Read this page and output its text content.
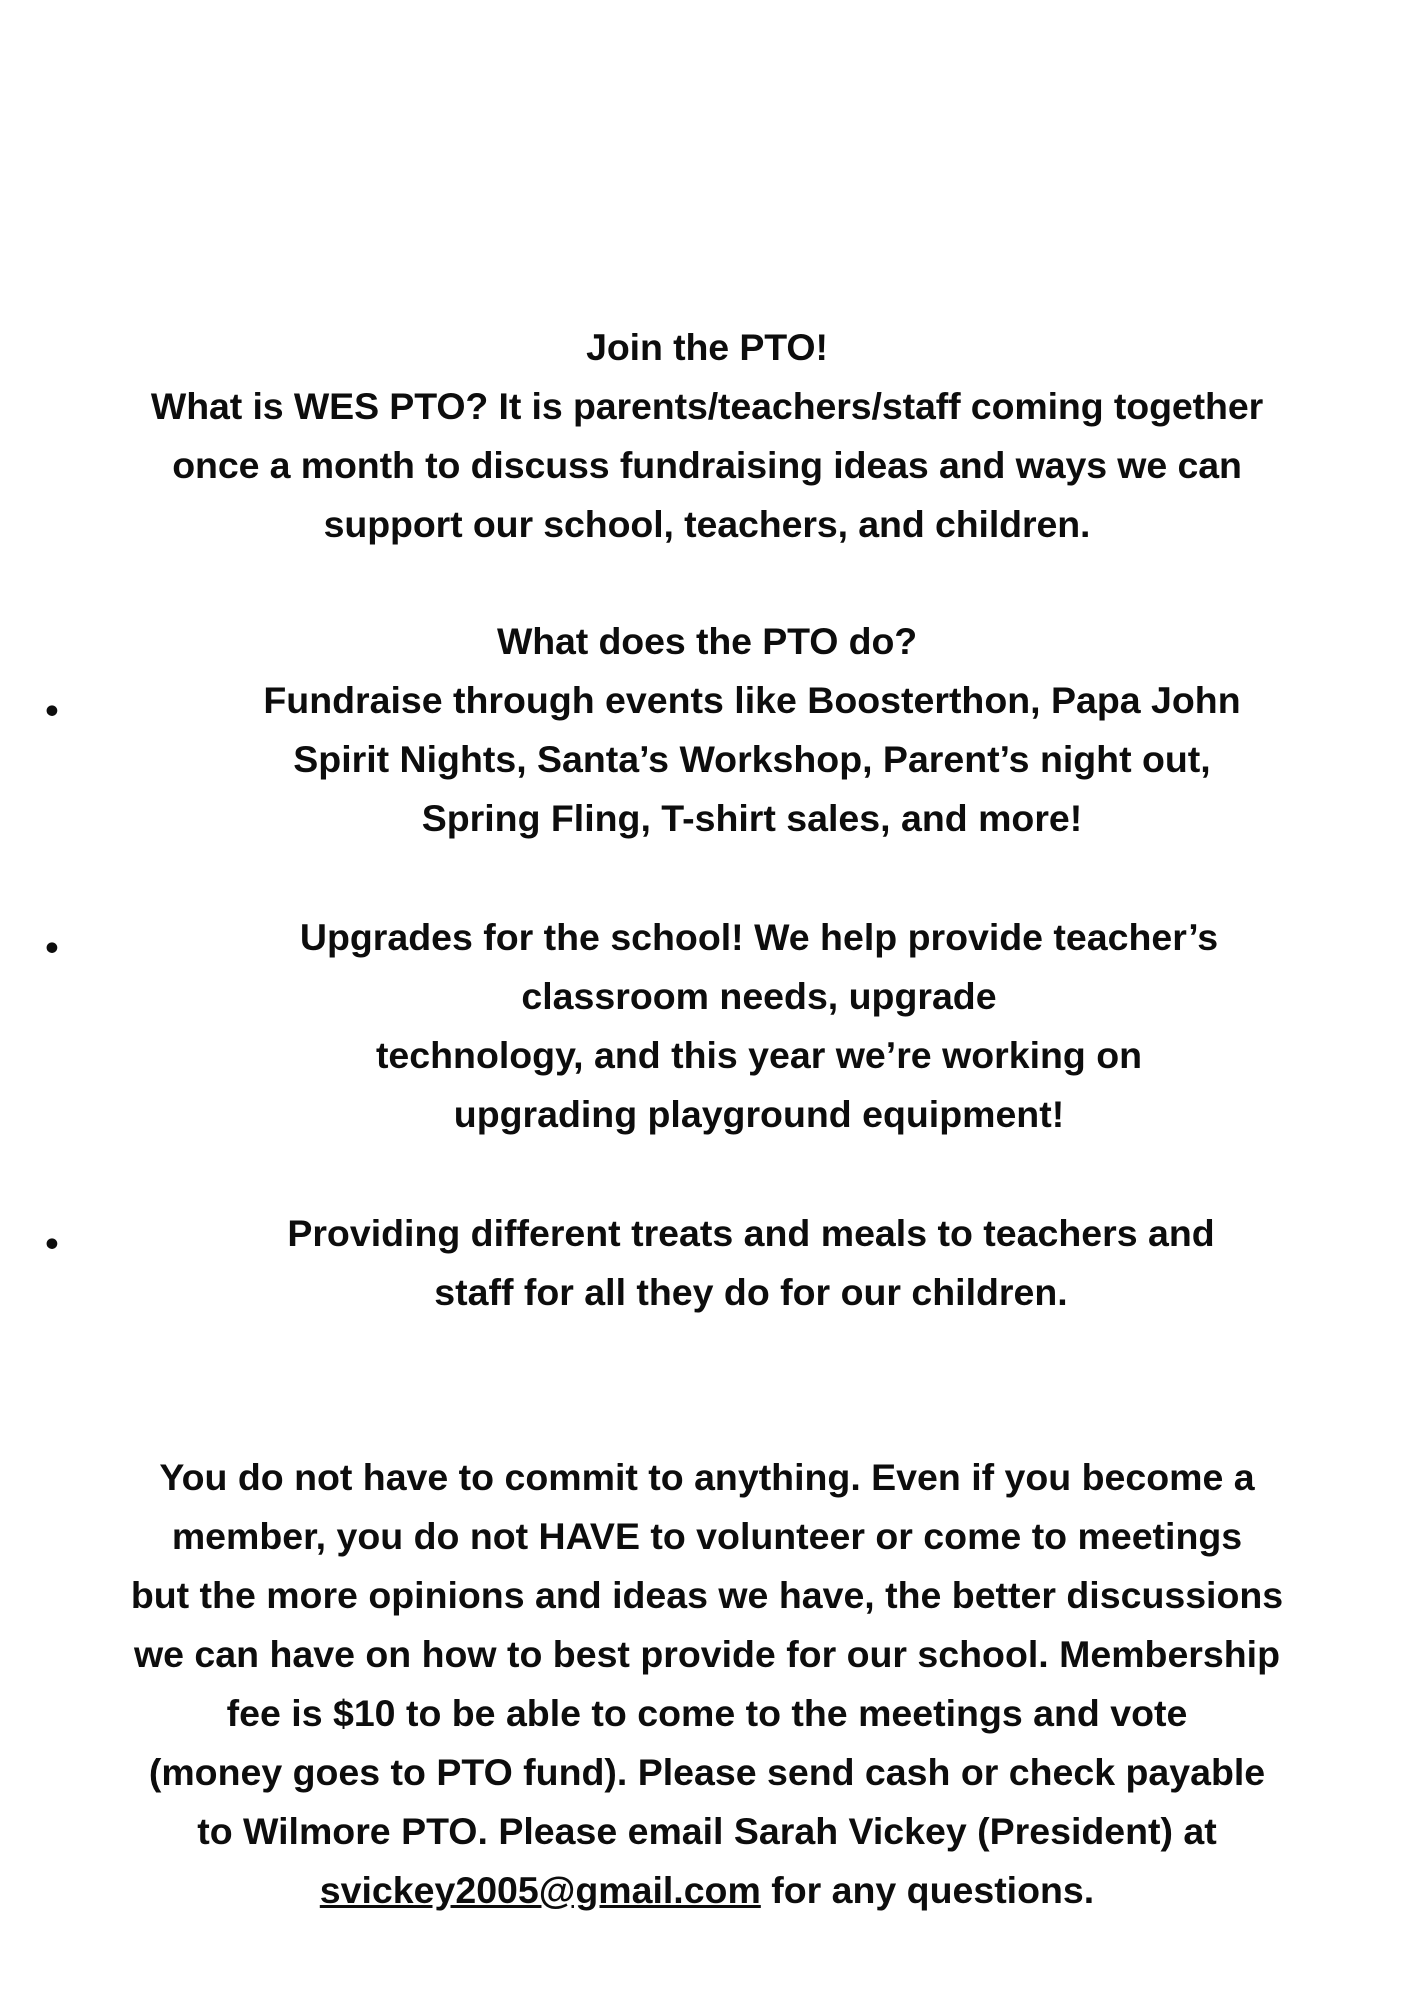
Join the PTO!
What is WES PTO? It is parents/teachers/staff coming together
once a month to discuss fundraising ideas and ways we can
support our school, teachers, and children.

What does the PTO do?

•	Fundraise through events like Boosterthon, Papa John
Spirit Nights, Santa’s Workshop, Parent’s night out,
Spring Fling, T-shirt sales, and more!

•	Upgrades for the school! We help provide teacher’s
classroom needs, upgrade
technology, and this year we’re working on
upgrading playground equipment!

•	Providing different treats and meals to teachers and
staff for all they do for our children.

You do not have to commit to anything. Even if you become a
member, you do not HAVE to volunteer or come to meetings
but the more opinions and ideas we have, the better discussions
we can have on how to best provide for our school. Membership
fee is $10 to be able to come to the meetings and vote
(money goes to PTO fund). Please send cash or check payable
to Wilmore PTO. Please email Sarah Vickey (President) at
svickey2005@gmail.com for any questions.
